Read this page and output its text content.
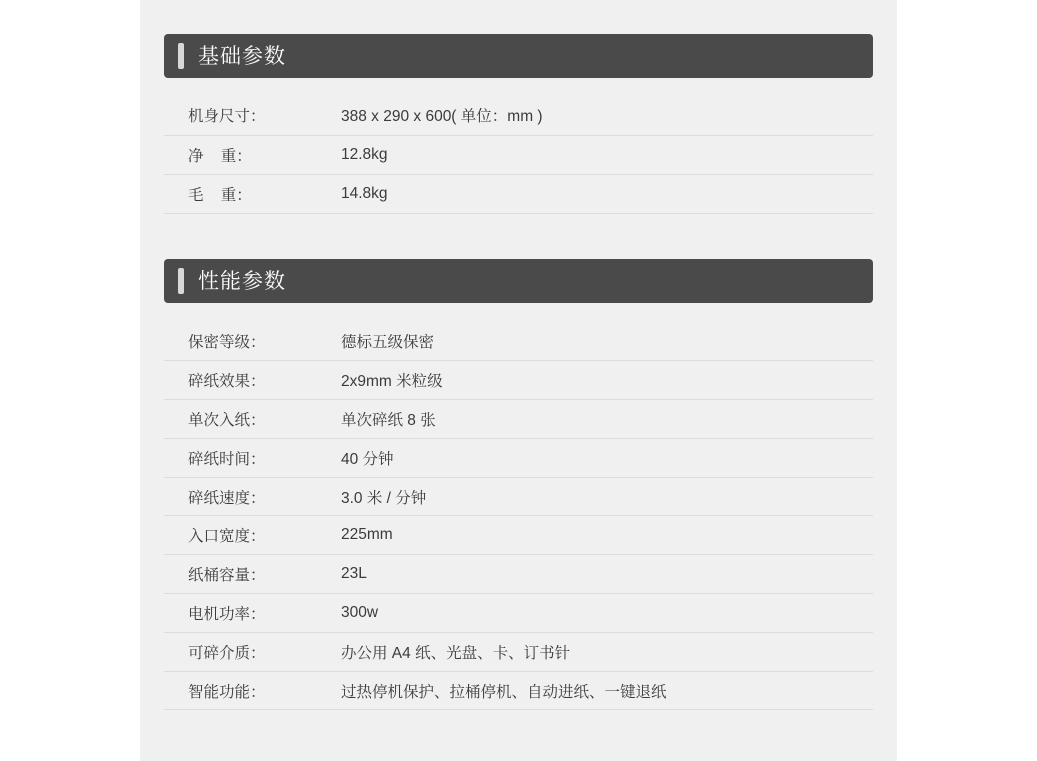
基础参数
机身尺寸：	388 x 290 x 600( 单位：mm )
净    重：	12.8kg
毛    重：	14.8kg
性能参数
保密等级：	德标五级保密
碎纸效果：	2x9mm 米粒级
单次入纸：	单次碎纸 8 张
碎纸时间：	40 分钟
碎纸速度：	3.0 米 / 分钟
入口宽度：	225mm
纸桶容量：	23L
电机功率：	300w
可碎介质：	办公用 A4 纸、光盘、卡、订书针
智能功能：	过热停机保护、拉桶停机、自动进纸、一键退纸
